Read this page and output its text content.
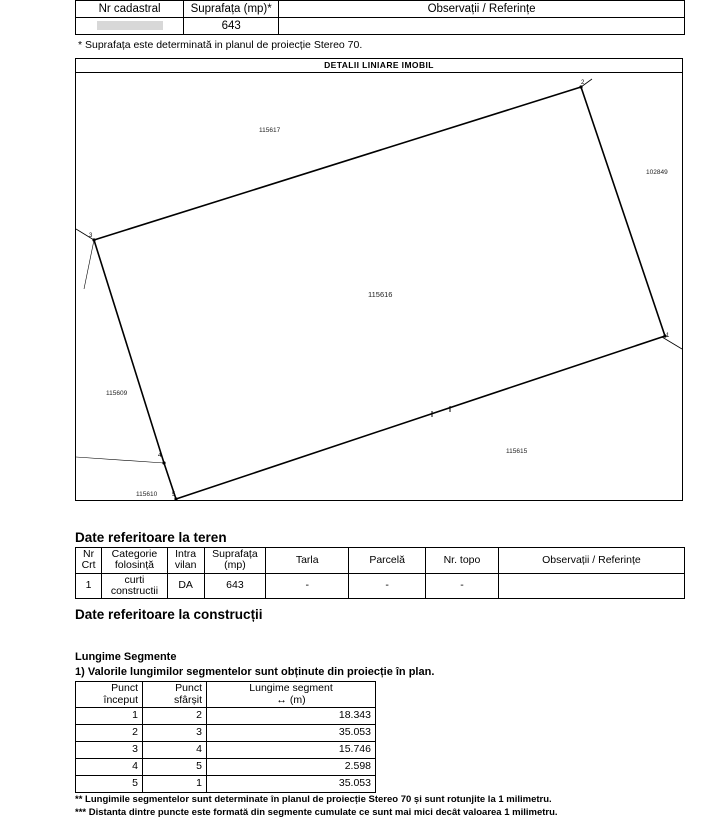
Nr cadastral	Suprafața (mp)*	Observații / Referințe
	643	
* Suprafața este determinată in planul de proiecție Stereo 70.
DETALII LINIARE IMOBIL
115617
102849
115616
115609
115615
115610
2
1
3
4
5
Date referitoare la teren
Nr
Crt	Categorie
folosință	Intra
vilan	Suprafața
(mp)	Tarla	Parcelă	Nr. topo	Observații / Referințe
1	curti
constructii	DA	643	-	-	-	
Date referitoare la construcții
Lungime Segmente
1) Valorile lungimilor segmentelor sunt obținute din proiecție în plan.
Punct
început	Punct
sfârșit	Lungime segment
↔ (m)
1	2	18.343
2	3	35.053
3	4	15.746
4	5	2.598
5	1	35.053
** Lungimile segmentelor sunt determinate în planul de proiecție Stereo 70 și sunt rotunjite la 1 milimetru.
*** Distanta dintre puncte este formată din segmente cumulate ce sunt mai mici decât valoarea 1 milimetru.
